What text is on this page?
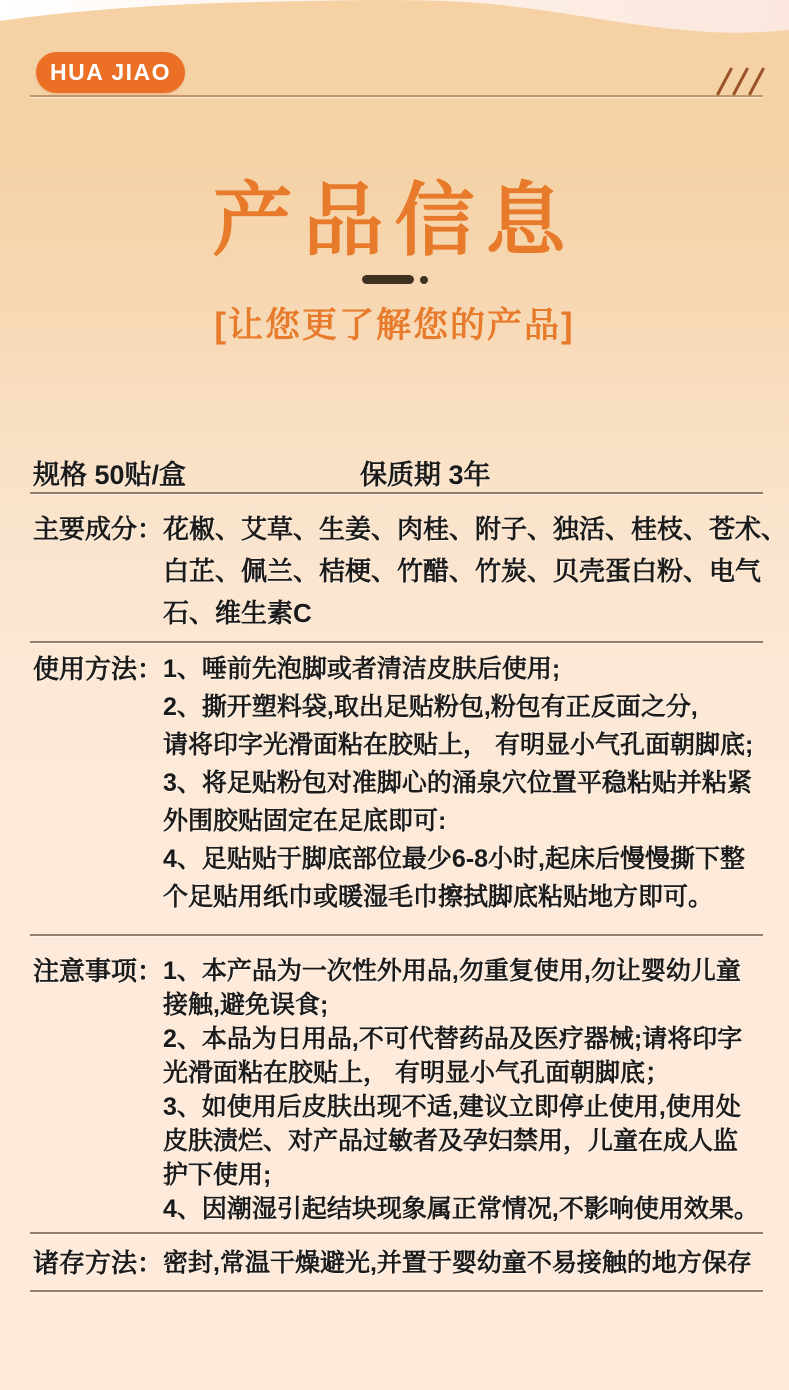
HUA JIAO
产品信息
[让您更了解您的产品]
规格 50贴/盒	保质期 3年
主要成分： 花椒、艾草、生姜、肉桂、附子、独活、桂枝、苍术、
白芷、佩兰、桔梗、竹醋、竹炭、贝壳蛋白粉、电气
石、维生素C
使用方法： 1、唾前先泡脚或者清洁皮肤后使用;
2、撕开塑料袋,取出足贴粉包,粉包有正反面之分,
请将印字光滑面粘在胶贴上， 有明显小气孔面朝脚底;
3、将足贴粉包对准脚心的涌泉穴位置平稳粘贴并粘紧
外围胶贴固定在足底即可:
4、足贴贴于脚底部位最少6-8小时,起床后慢慢撕下整
个足贴用纸巾或暖湿毛巾擦拭脚底粘贴地方即可。
注意事项： 1、本产品为一次性外用品,勿重复使用,勿让婴幼儿童
接触,避免误食;
2、本品为日用品,不可代替药品及医疗器械;请将印字
光滑面粘在胶贴上， 有明显小气孔面朝脚底；
3、如使用后皮肤出现不适,建议立即停止使用,使用处
皮肤渍烂、对产品过敏者及孕妇禁用，儿童在成人监
护下使用;
4、因潮湿引起结块现象属正常情况,不影响使用效果。
诸存方法： 密封,常温干燥避光,并置于婴幼童不易接触的地方保存
